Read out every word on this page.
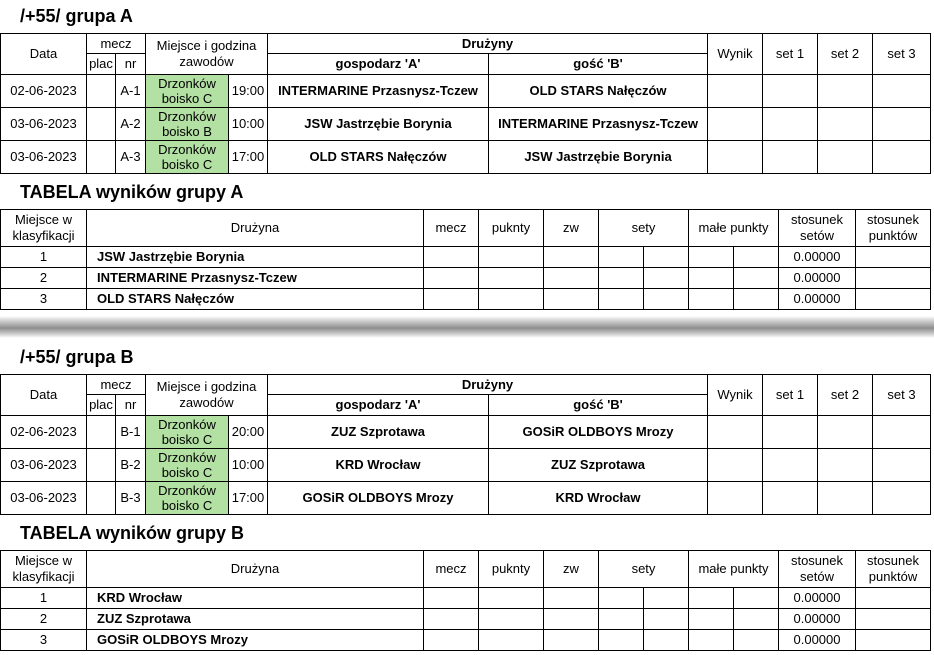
/+55/ grupa A
Data	mecz		Miejsce i godzina zawodów		Drużyny		Wynik	set 1	set 2	set 3
	plac	nr			gospodarz 'A'	gość 'B'				
02-06-2023		A-1	Drzonków boisko C	19:00	INTERMARINE Przasnysz-Tczew	OLD STARS Nałęczów				
03-06-2023		A-2	Drzonków boisko B	10:00	JSW Jastrzębie Borynia	INTERMARINE Przasnysz-Tczew				
03-06-2023		A-3	Drzonków boisko C	17:00	OLD STARS Nałęczów	JSW Jastrzębie Borynia				
TABELA wyników grupy A
Miejsce w klasyfikacji	Drużyna	mecz	puknty	zw	sety		małe punkty		stosunek setów	stosunek punktów
1	JSW Jastrzębie Borynia								0.00000	
2	INTERMARINE Przasnysz-Tczew								0.00000	
3	OLD STARS Nałęczów								0.00000	
/+55/ grupa B
Data	mecz		Miejsce i godzina zawodów		Drużyny		Wynik	set 1	set 2	set 3
	plac	nr			gospodarz 'A'	gość 'B'				
02-06-2023		B-1	Drzonków boisko C	20:00	ZUZ Szprotawa	GOSiR OLDBOYS Mrozy				
03-06-2023		B-2	Drzonków boisko C	10:00	KRD Wrocław	ZUZ Szprotawa				
03-06-2023		B-3	Drzonków boisko C	17:00	GOSiR OLDBOYS Mrozy	KRD Wrocław				
TABELA wyników grupy B
Miejsce w klasyfikacji	Drużyna	mecz	puknty	zw	sety		małe punkty		stosunek setów	stosunek punktów
1	KRD Wrocław								0.00000	
2	ZUZ Szprotawa								0.00000	
3	GOSiR OLDBOYS Mrozy								0.00000	
